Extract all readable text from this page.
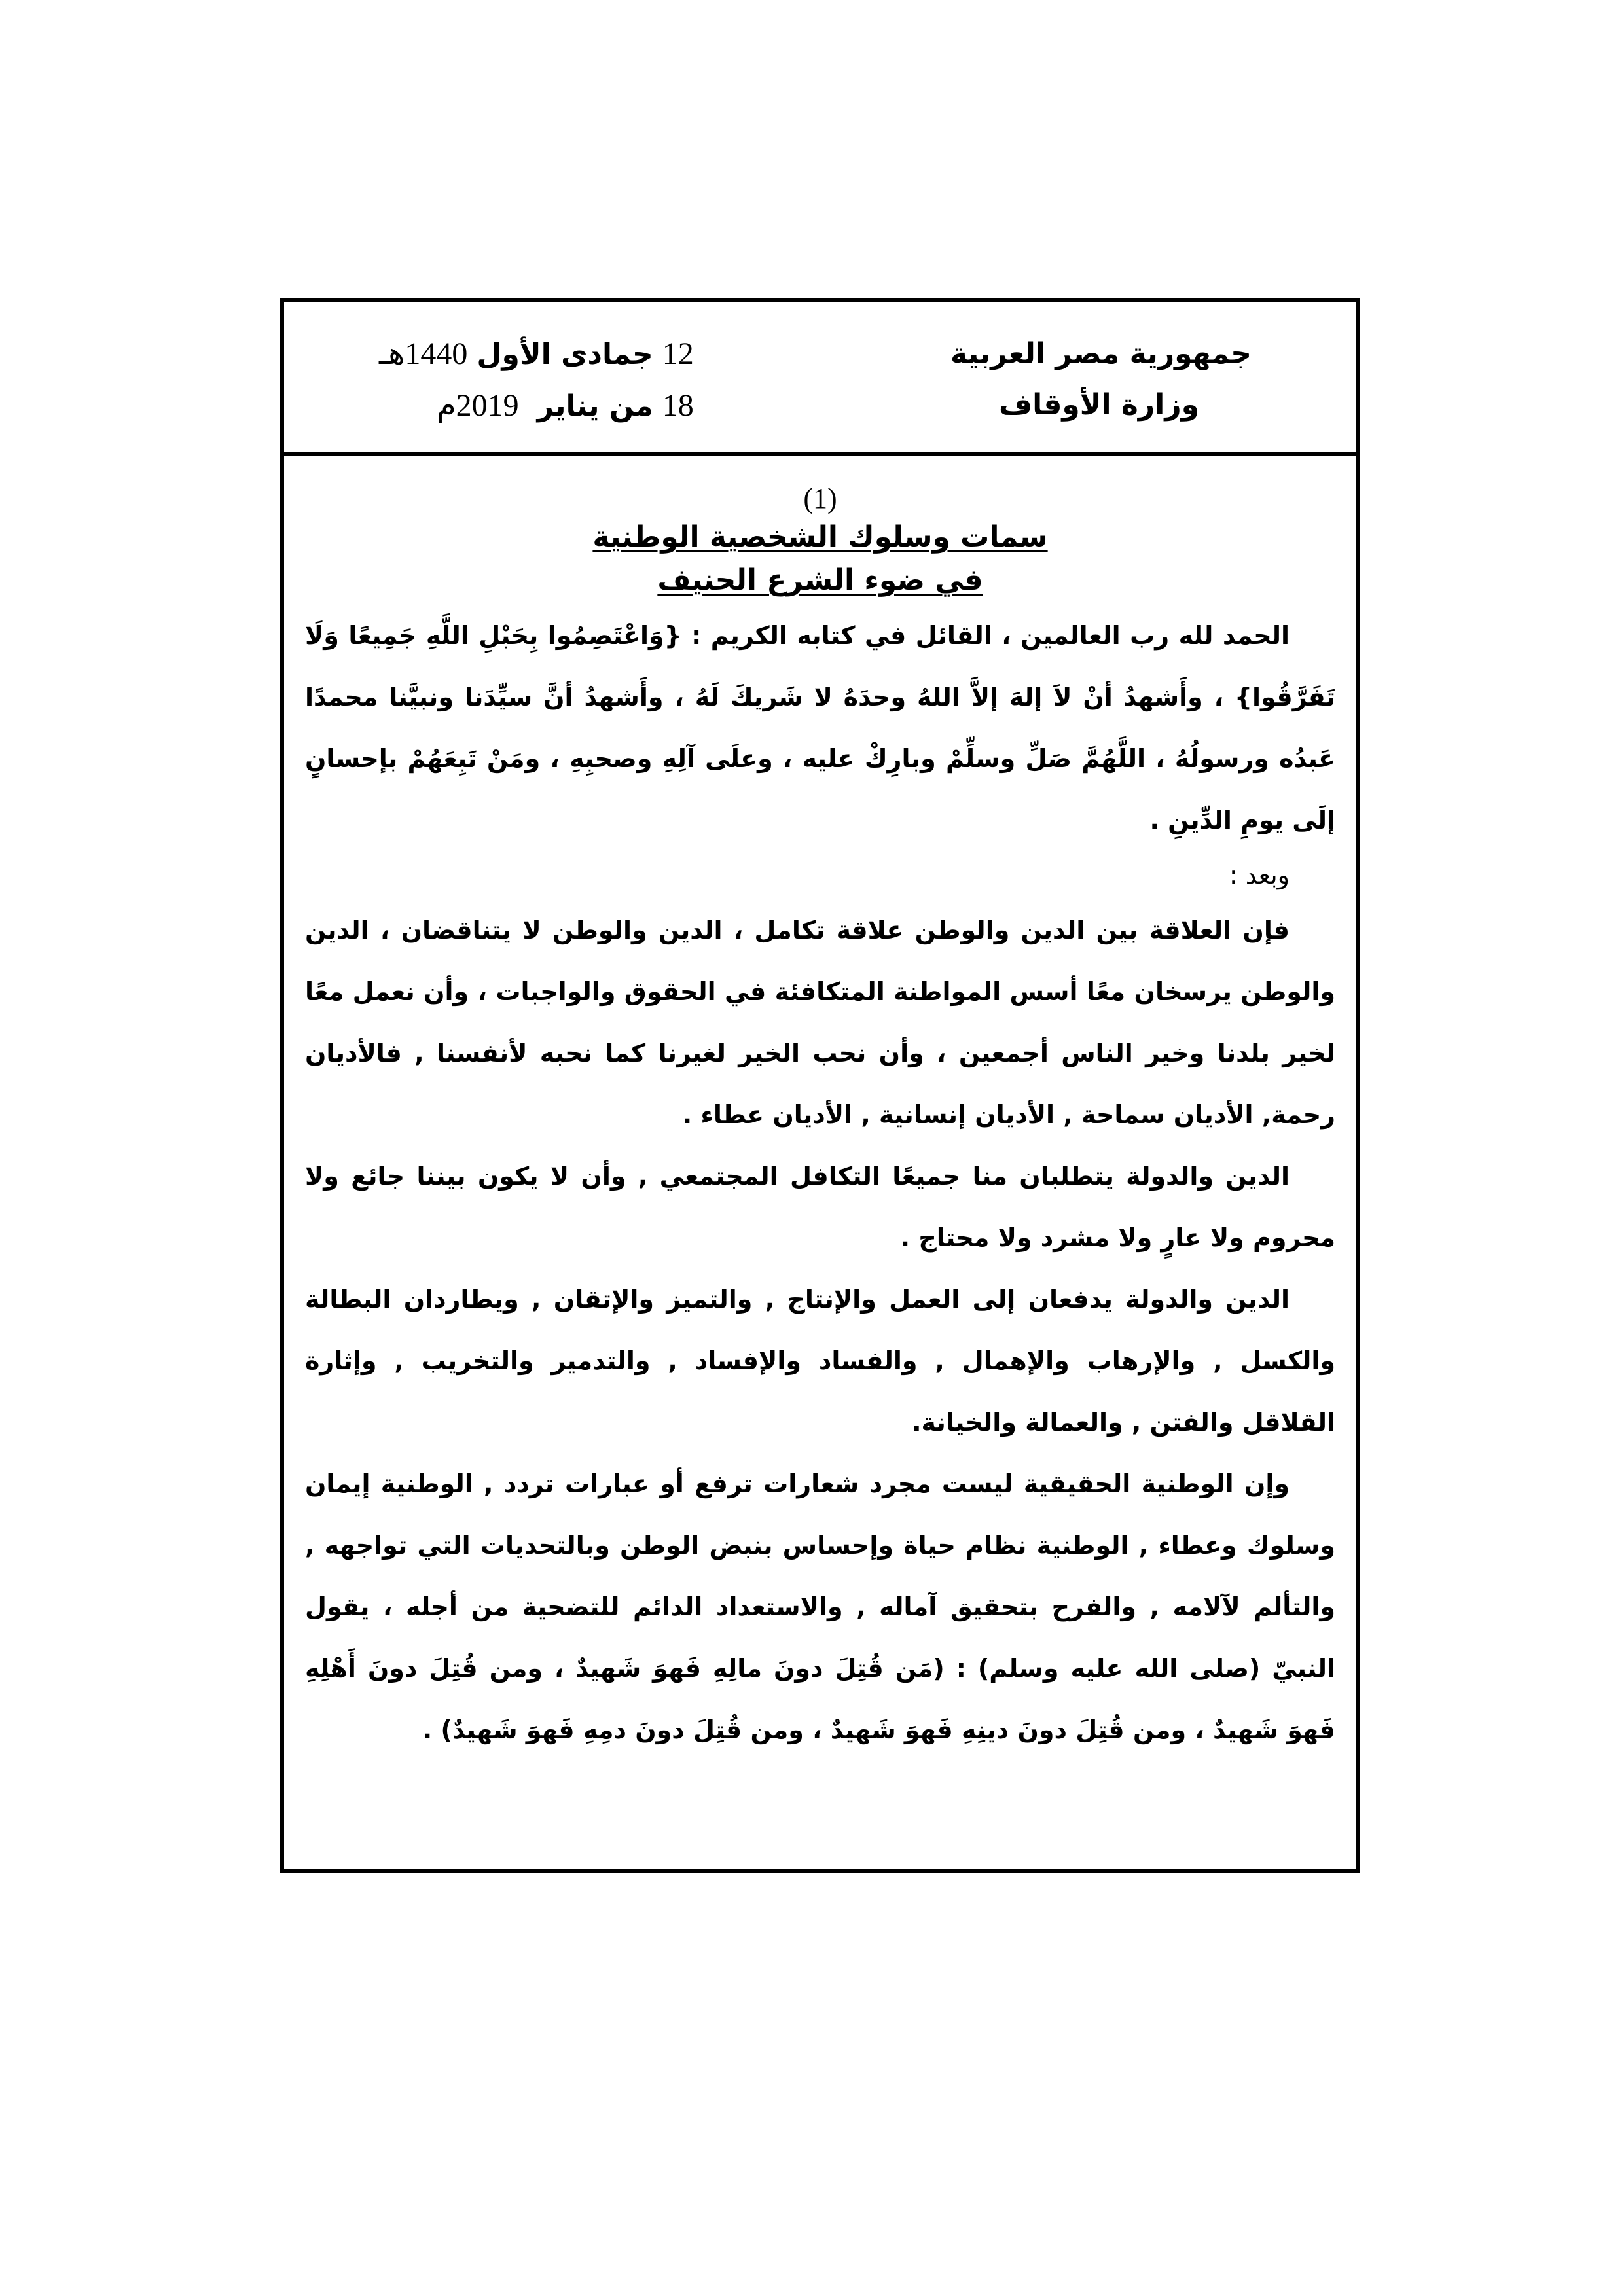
جمهورية مصر العربية
وزارة الأوقاف
12 جمادى الأول 1440هـ
18 من يناير  2019م
(1)
سمات وسلوك الشخصية الوطنية
في ضوء الشرع الحنيف

الحمد لله رب العالمين ، القائل في كتابه الكريم : {وَاعْتَصِمُوا بِحَبْلِ اللَّهِ جَمِيعًا وَلَا تَفَرَّقُوا} ، وأَشهدُ أنْ لاَ إلهَ إلاَّ اللهُ وحدَهُ لا شَريكَ لَهُ ، وأَشهدُ أنَّ سيِّدَنا ونبيَّنا محمدًا عَبدُه ورسولُهُ ، اللَّهُمَّ صَلِّ وسلِّمْ وبارِكْ عليه ، وعلَى آلِهِ وصحبِهِ ، ومَنْ تَبِعَهُمْ بإحسانٍ إلَى يومِ الدِّينِ .

وبعد :

فإن العلاقة بين الدين والوطن علاقة تكامل ، الدين والوطن لا يتناقضان ، الدين والوطن يرسخان معًا أسس المواطنة المتكافئة في الحقوق والواجبات ، وأن نعمل معًا لخير بلدنا وخير الناس أجمعين ، وأن نحب الخير لغيرنا كما نحبه لأنفسنا , فالأديان رحمة, الأديان سماحة , الأديان إنسانية , الأديان عطاء .

الدين والدولة يتطلبان منا جميعًا التكافل المجتمعي , وأن لا يكون بيننا جائع ولا محروم ولا عارٍ ولا مشرد ولا محتاج .

الدين والدولة يدفعان إلى العمل والإنتاج , والتميز والإتقان , ويطاردان البطالة والكسل , والإرهاب والإهمال , والفساد والإفساد , والتدمير والتخريب , وإثارة القلاقل والفتن , والعمالة والخيانة.

وإن الوطنية الحقيقية ليست مجرد شعارات ترفع أو عبارات تردد , الوطنية إيمان وسلوك وعطاء , الوطنية نظام حياة وإحساس بنبض الوطن وبالتحديات التي تواجهه , والتألم لآلامه , والفرح بتحقيق آماله , والاستعداد الدائم للتضحية من أجله ، يقول النبيّ (صلى الله عليه وسلم) : (مَن قُتِلَ دونَ مالِهِ فَهوَ شَهيدٌ ، ومن قُتِلَ دونَ أَهْلِهِ فَهوَ شَهيدٌ ، ومن قُتِلَ دونَ دينِهِ فَهوَ شَهيدٌ ، ومن قُتِلَ دونَ دمِهِ فَهوَ شَهيدٌ) .
